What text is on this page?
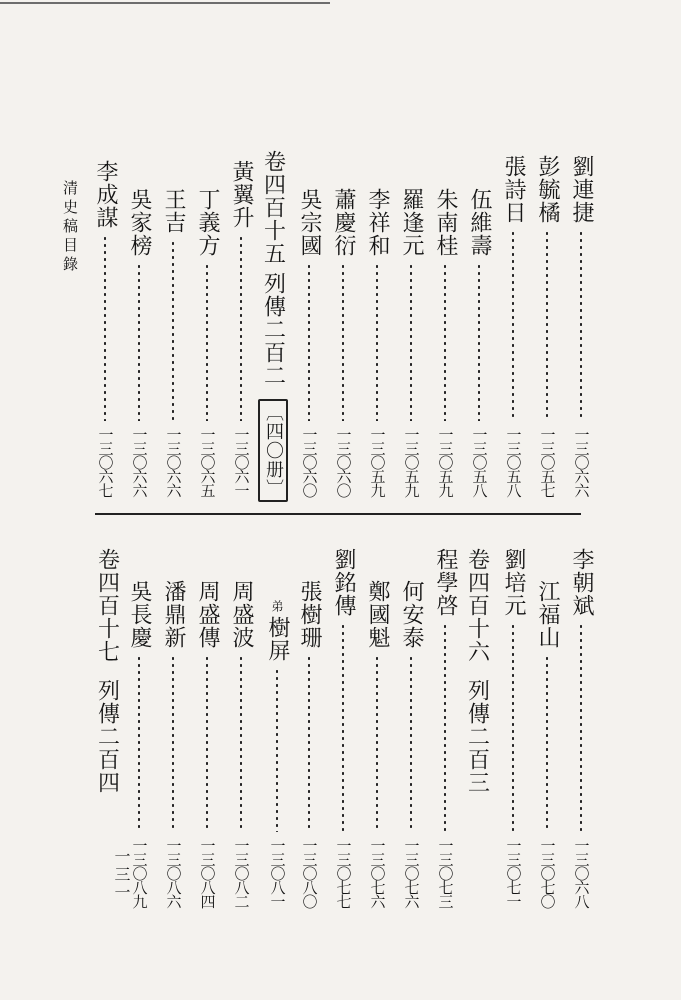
清史稿目錄	劉連捷
一三〇六六
彭毓橘
一三〇五七
張詩日
一三〇五八
伍維壽
一三〇五八
朱南桂
一三〇五九
羅逢元
一三〇五九
李祥和
一三〇五九
蕭慶衍
一三〇六〇
吳宗國
一三〇六〇
卷四百十五
列傳二百二
〔四〇册〕
黃翼升
一三〇六一
丁義方
一三〇六五
王吉
一三〇六六
吳家榜
一三〇六六
李成謀
一三〇六七
李朝斌
一三〇六八
江福山
一三〇七〇
劉培元
一三〇七一
卷四百十六
列傳二百三
程學啓
一三〇七三
何安泰
一三〇七六
鄭國魁
一三〇七六
劉銘傳
一三〇七七
張樹珊
一三〇八〇
弟
樹屏
一三〇八一
周盛波
一三〇八二
周盛傳
一三〇八四
潘鼎新
一三〇八六
吳長慶
一三〇八九
卷四百十七
列傳二百四
一三一
